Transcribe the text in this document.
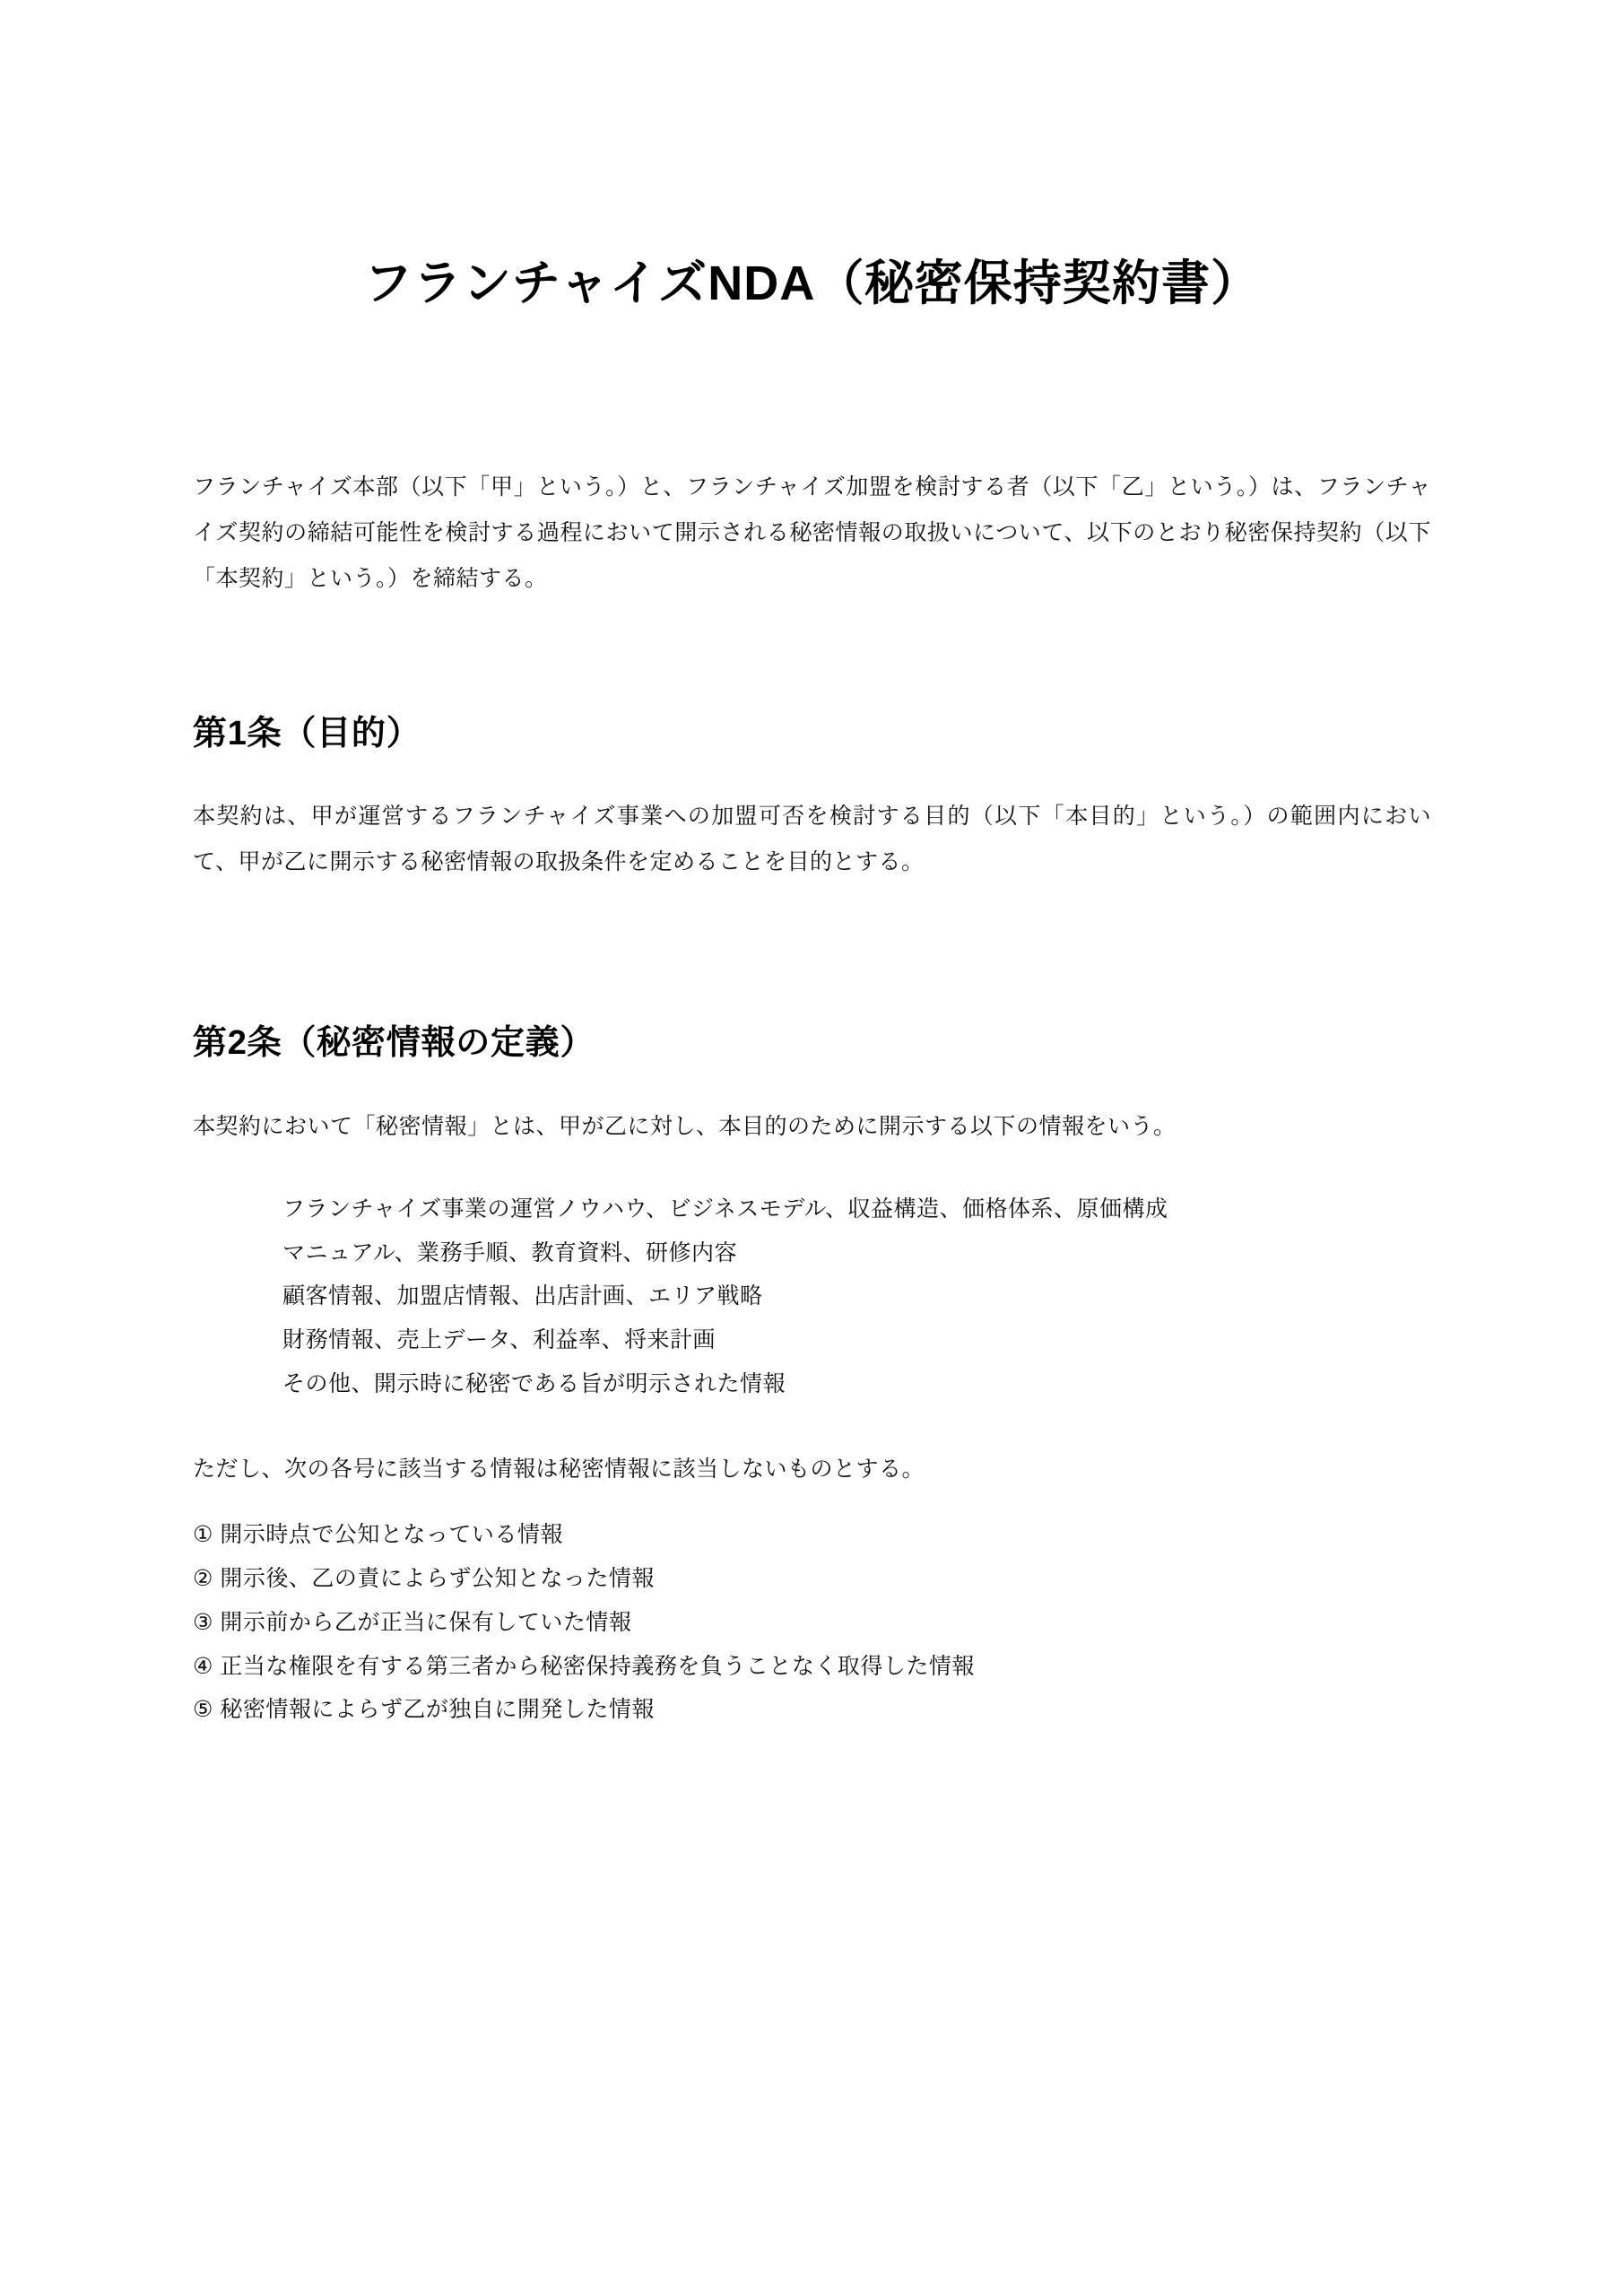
フランチャイズNDA（秘密保持契約書）

フランチャイズ本部（以下「甲」という。）と、フランチャイズ加盟を検討する者（以下「乙」という。）は、フランチャイズ契約の締結可能性を検討する過程において開示される秘密情報の取扱いについて、以下のとおり秘密保持契約（以下「本契約」という。）を締結する。

第1条（目的）

本契約は、甲が運営するフランチャイズ事業への加盟可否を検討する目的（以下「本目的」という。）の範囲内において、甲が乙に開示する秘密情報の取扱条件を定めることを目的とする。

第2条（秘密情報の定義）

本契約において「秘密情報」とは、甲が乙に対し、本目的のために開示する以下の情報をいう。

フランチャイズ事業の運営ノウハウ、ビジネスモデル、収益構造、価格体系、原価構成
マニュアル、業務手順、教育資料、研修内容
顧客情報、加盟店情報、出店計画、エリア戦略
財務情報、売上データ、利益率、将来計画
その他、開示時に秘密である旨が明示された情報

ただし、次の各号に該当する情報は秘密情報に該当しないものとする。

① 開示時点で公知となっている情報
② 開示後、乙の責によらず公知となった情報
③ 開示前から乙が正当に保有していた情報
④ 正当な権限を有する第三者から秘密保持義務を負うことなく取得した情報
⑤ 秘密情報によらず乙が独自に開発した情報
